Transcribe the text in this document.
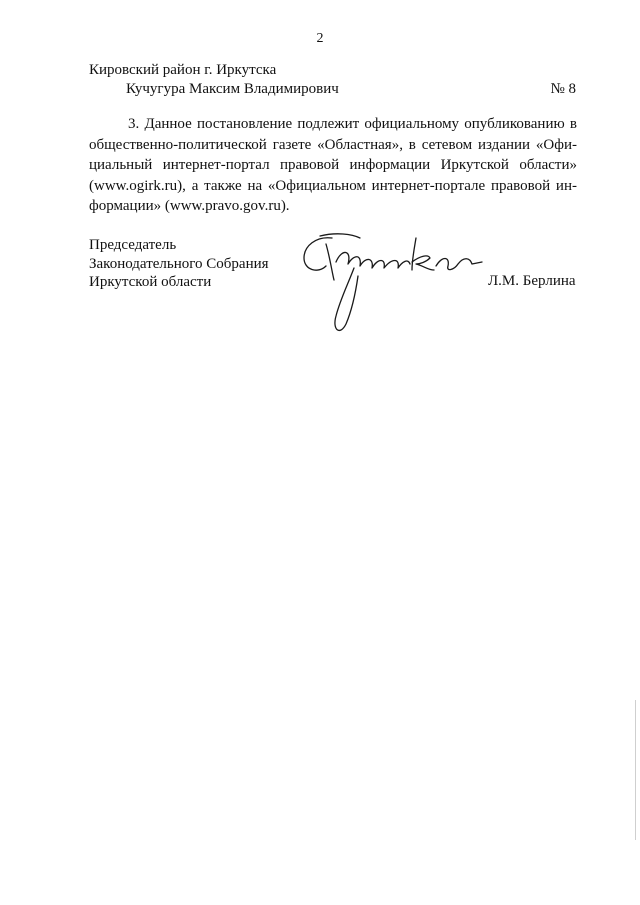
2
Кировский район г. Иркутска
Кучугура Максим Владимирович	№ 8
3. Данное постановление подлежит официальному опубликованию в общественно-политической газете «Областная», в сетевом издании «Официальный интернет-портал правовой информации Иркутской области» (www.ogirk.ru), а также на «Официальном интернет-портале правовой информации» (www.pravo.gov.ru).
Председатель
Законодательного Собрания
Иркутской области	Л.М. Берлина
